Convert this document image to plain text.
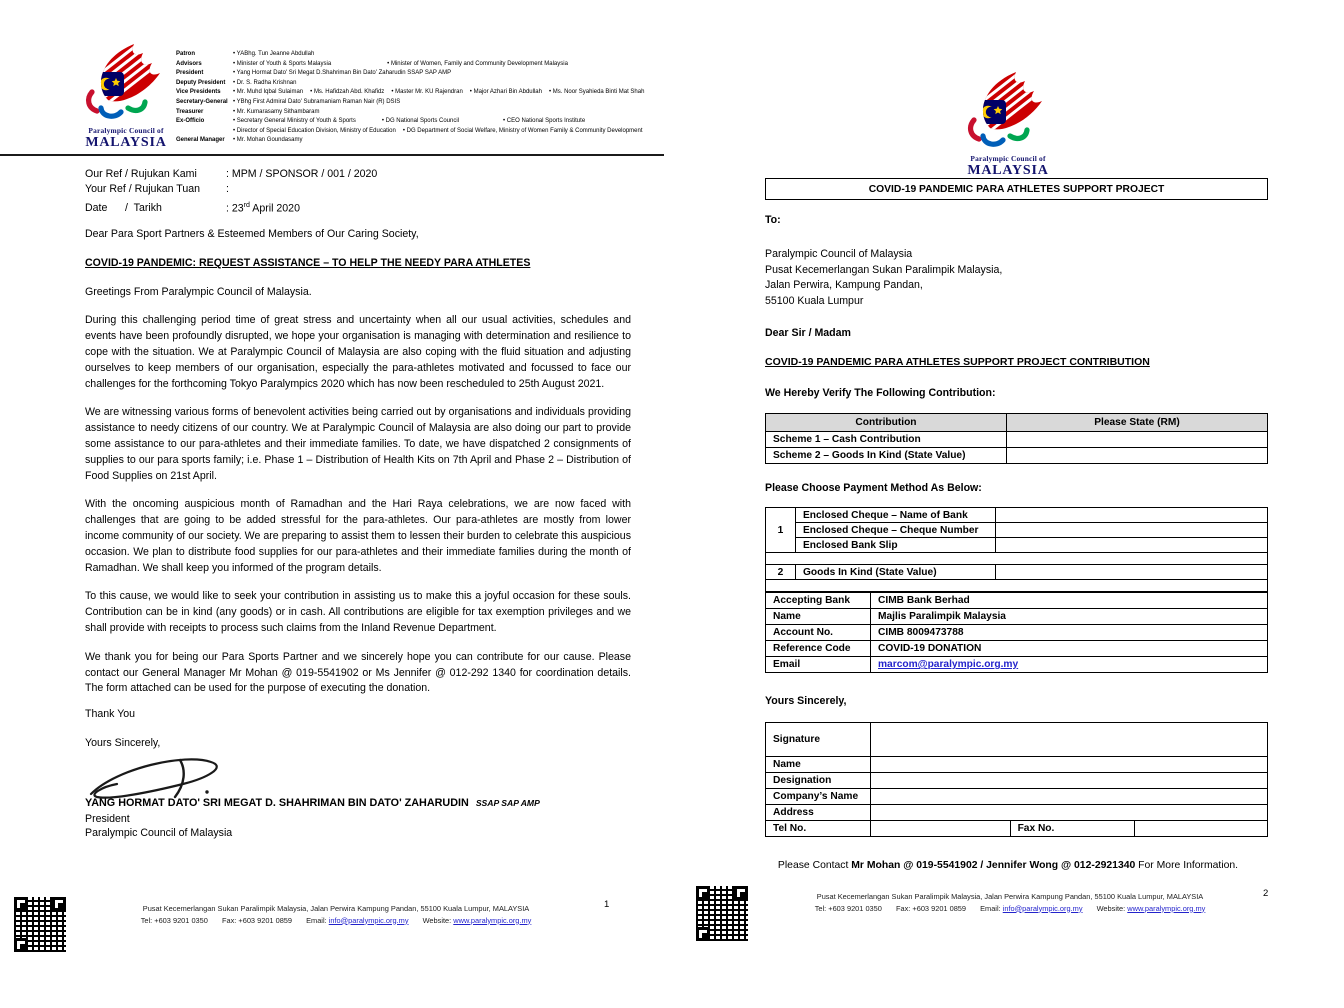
Paralympic Council of
MALAYSIA
Patron	• YABhg. Tun Jeanne Abdullah
Advisors	• Minister of Youth & Sports Malaysia	• Minister of Women, Family and Community Development Malaysia
President	• Yang Hormat Dato' Sri Megat D.Shahriman Bin Dato' Zaharudin SSAP SAP AMP
Deputy President	• Dr. S. Radha Krishnan
Vice Presidents	• Mr. Muhd Iqbal Sulaiman • Ms. Hafidzah Abd. Khafidz • Master Mr. KU Rajendran • Major Azhari Bin Abdullah • Ms. Noor Syahieda Binti Mat Shah
Secretary-General	• YBhg First Admiral Dato' Subramaniam Raman Nair (R) DSIS
Treasurer	• Mr. Kumarasamy Sithambaram
Ex-Officio	• Secretary General Ministry of Youth & Sports	• DG National Sports Council	• CEO National Sports Institute
• Director of Special Education Division, Ministry of Education • DG Department of Social Welfare, Ministry of Women Family & Community Development
General Manager	• Mr. Mohan Goundasamy
Our Ref / Rujukan Kami	: MPM / SPONSOR / 001 / 2020
Your Ref / Rujukan Tuan :
Date      /  Tarikh	: 23rd April 2020

Dear Para Sport Partners & Esteemed Members of Our Caring Society,

COVID-19 PANDEMIC: REQUEST ASSISTANCE – TO HELP THE NEEDY PARA ATHLETES

Greetings From Paralympic Council of Malaysia.

During this challenging period time of great stress and uncertainty when all our usual activities, schedules and events have been profoundly disrupted, we hope your organisation is managing with determination and resilience to cope with the situation. We at Paralympic Council of Malaysia are also coping with the fluid situation and adjusting ourselves to keep members of our organisation, especially the para-athletes motivated and focussed to face our challenges for the forthcoming Tokyo Paralympics 2020 which has now been rescheduled to 25th August 2021.

We are witnessing various forms of benevolent activities being carried out by organisations and individuals providing assistance to needy citizens of our country. We at Paralympic Council of Malaysia are also doing our part to provide some assistance to our para-athletes and their immediate families. To date, we have dispatched 2 consignments of supplies to our para sports family; i.e. Phase 1 – Distribution of Health Kits on 7th April and Phase 2 – Distribution of Food Supplies on 21st April.

With the oncoming auspicious month of Ramadhan and the Hari Raya celebrations, we are now faced with challenges that are going to be added stressful for the para-athletes. Our para-athletes are mostly from lower income community of our society. We are preparing to assist them to lessen their burden to celebrate this auspicious occasion. We plan to distribute food supplies for our para-athletes and their immediate families during the month of Ramadhan. We shall keep you informed of the program details.

To this cause, we would like to seek your contribution in assisting us to make this a joyful occasion for these souls. Contribution can be in kind (any goods) or in cash. All contributions are eligible for tax exemption privileges and we shall provide with receipts to process such claims from the Inland Revenue Department.

We thank you for being our Para Sports Partner and we sincerely hope you can contribute for our cause. Please contact our General Manager Mr Mohan @ 019-5541902 or Ms Jennifer @ 012-292 1340 for coordination details. The form attached can be used for the purpose of executing the donation.

Thank You

Yours Sincerely,

YANG HORMAT DATO' SRI MEGAT D. SHAHRIMAN BIN DATO' ZAHARUDIN SSAP SAP AMP
President
Paralympic Council of Malaysia
Pusat Kecemerlangan Sukan Paralimpik Malaysia, Jalan Perwira Kampung Pandan, 55100 Kuala Lumpur, MALAYSIA
Tel: +603 9201 0350 Fax: +603 9201 0859 Email: info@paralympic.org.my Website: www.paralympic.org.my
1
Paralympic Council of
MALAYSIA
COVID-19 PANDEMIC PARA ATHLETES SUPPORT PROJECT
To:
Paralympic Council of Malaysia
Pusat Kecemerlangan Sukan Paralimpik Malaysia,
Jalan Perwira, Kampung Pandan,
55100 Kuala Lumpur
Dear Sir / Madam
COVID-19 PANDEMIC PARA ATHLETES SUPPORT PROJECT CONTRIBUTION
We Hereby Verify The Following Contribution:
Contribution	Please State (RM)
Scheme 1 – Cash Contribution	
Scheme 2 – Goods In Kind (State Value)	
Please Choose Payment Method As Below:
1	Enclosed Cheque – Name of Bank	
	Enclosed Cheque – Cheque Number	
	Enclosed Bank Slip	

2	Goods In Kind (State Value)	

Accepting Bank	CIMB Bank Berhad
Name	Majlis Paralimpik Malaysia
Account No.	CIMB 8009473788
Reference Code	COVID-19 DONATION
Email	marcom@paralympic.org.my
Yours Sincerely,
Signature			
Name			
Designation			
Company’s Name			
Address			
Tel No.		Fax No.	
Please Contact Mr Mohan @ 019-5541902 / Jennifer Wong @ 012-2921340 For More Information.
Pusat Kecemerlangan Sukan Paralimpik Malaysia, Jalan Perwira Kampung Pandan, 55100 Kuala Lumpur, MALAYSIA
Tel: +603 9201 0350 Fax: +603 9201 0859 Email: info@paralympic.org.my Website: www.paralympic.org.my
2
